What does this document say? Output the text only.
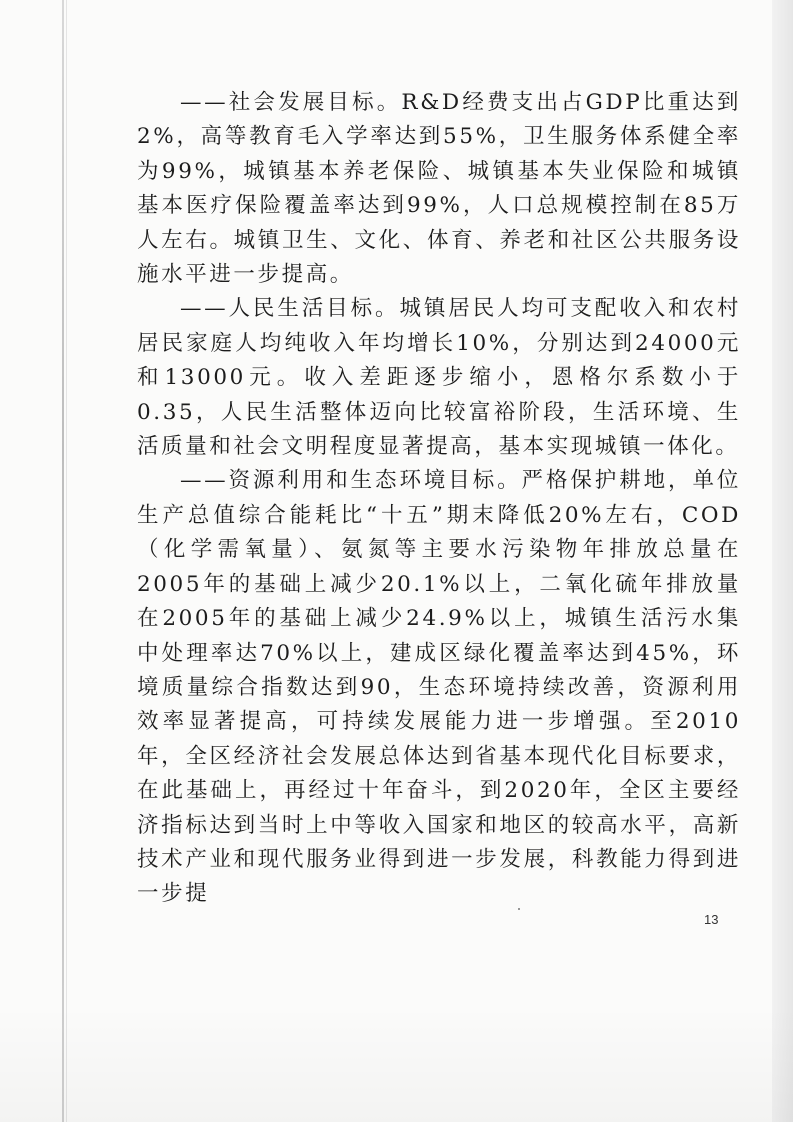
——社会发展目标。R&D经费支出占GDP比重达到2%，高等教育毛入学率达到55%，卫生服务体系健全率为99%，城镇基本养老保险、城镇基本失业保险和城镇基本医疗保险覆盖率达到99%，人口总规模控制在85万人左右。城镇卫生、文化、体育、养老和社区公共服务设施水平进一步提高。

——人民生活目标。城镇居民人均可支配收入和农村居民家庭人均纯收入年均增长10%，分别达到24000元和13000元。收入差距逐步缩小，恩格尔系数小于0.35，人民生活整体迈向比较富裕阶段，生活环境、生活质量和社会文明程度显著提高，基本实现城镇一体化。

——资源利用和生态环境目标。严格保护耕地，单位生产总值综合能耗比“十五”期末降低20%左右，COD（化学需氧量）、氨氮等主要水污染物年排放总量在2005年的基础上减少20.1%以上，二氧化硫年排放量在2005年的基础上减少24.9%以上，城镇生活污水集中处理率达70%以上，建成区绿化覆盖率达到45%，环境质量综合指数达到90，生态环境持续改善，资源利用效率显著提高，可持续发展能力进一步增强。至2010年，全区经济社会发展总体达到省基本现代化目标要求，在此基础上，再经过十年奋斗，到2020年，全区主要经济指标达到当时上中等收入国家和地区的较高水平，高新技术产业和现代服务业得到进一步发展，科教能力得到进一步提

13
